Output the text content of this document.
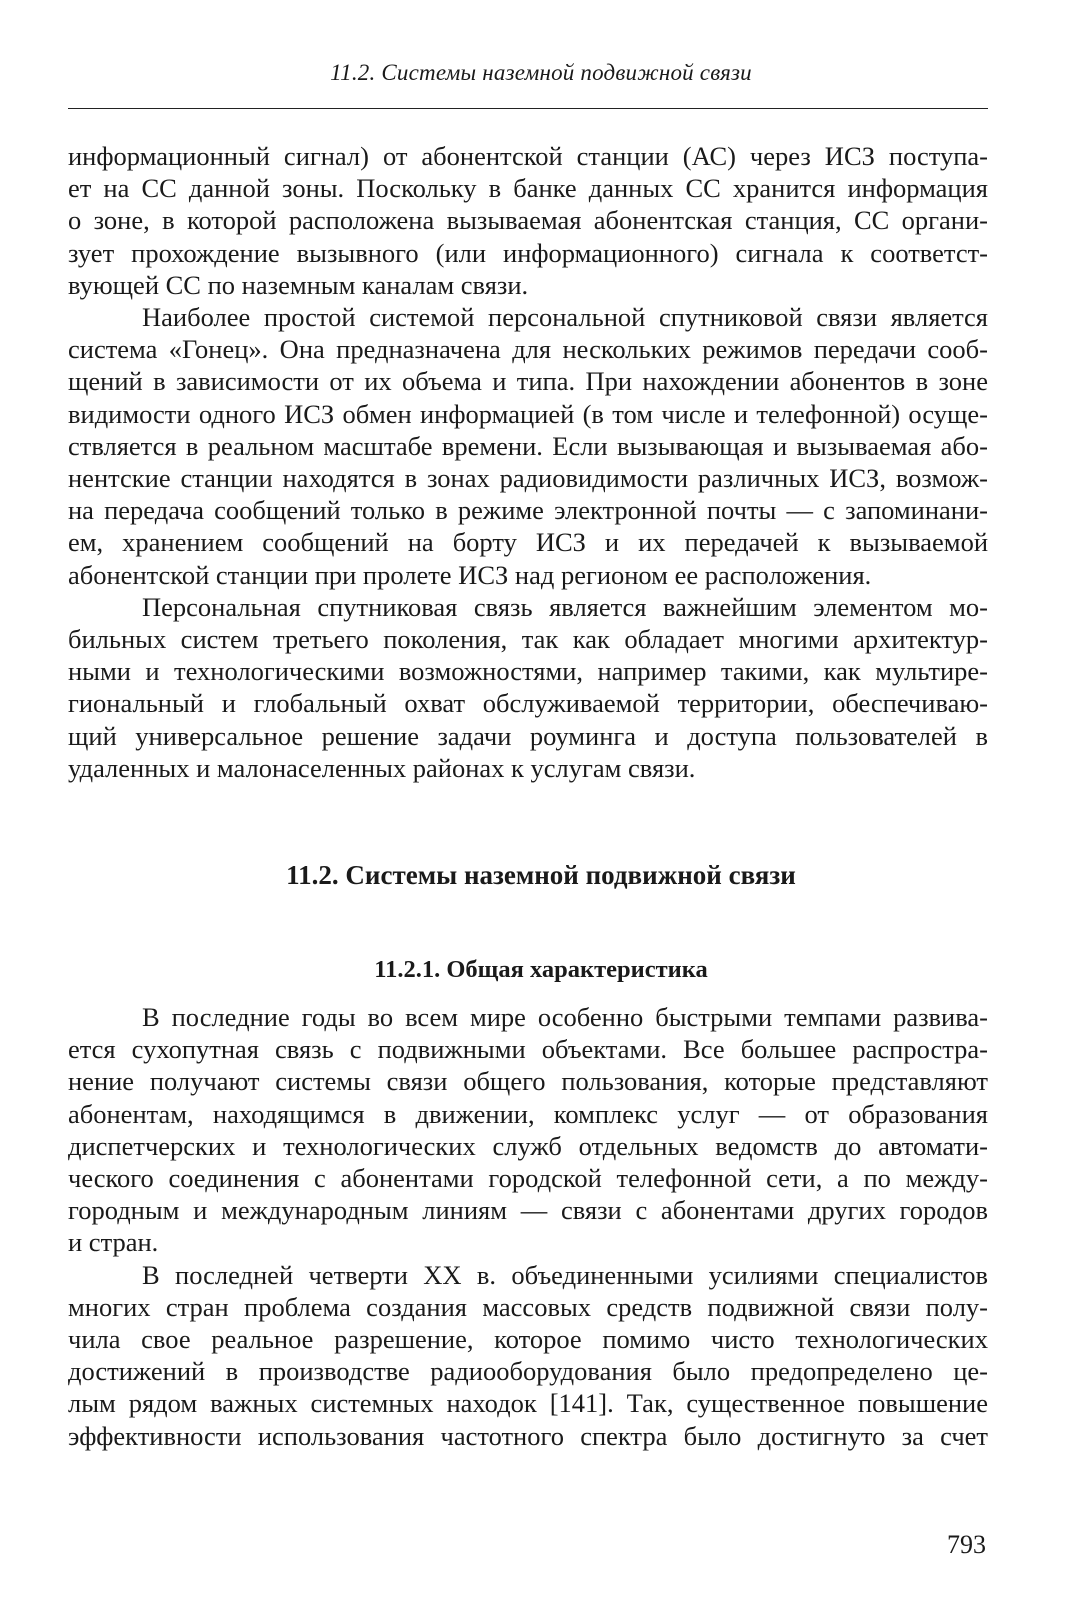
11.2. Системы наземной подвижной связи
информационный сигнал) от абонентской станции (АС) через ИСЗ поступа-
ет на СС данной зоны. Поскольку в банке данных СС хранится информация
о зоне, в которой расположена вызываемая абонентская станция, СС органи-
зует прохождение вызывного (или информационного) сигнала к соответст-
вующей СС по наземным каналам связи.
Наиболее простой системой персональной спутниковой связи является
система «Гонец». Она предназначена для нескольких режимов передачи сооб-
щений в зависимости от их объема и типа. При нахождении абонентов в зоне
видимости одного ИСЗ обмен информацией (в том числе и телефонной) осуще-
ствляется в реальном масштабе времени. Если вызывающая и вызываемая або-
нентские станции находятся в зонах радиовидимости различных ИСЗ, возмож-
на передача сообщений только в режиме электронной почты — с запоминани-
ем, хранением сообщений на борту ИСЗ и их передачей к вызываемой
абонентской станции при пролете ИСЗ над регионом ее расположения.
Персональная спутниковая связь является важнейшим элементом мо-
бильных систем третьего поколения, так как обладает многими архитектур-
ными и технологическими возможностями, например такими, как мультире-
гиональный и глобальный охват обслуживаемой территории, обеспечиваю-
щий универсальное решение задачи роуминга и доступа пользователей в
удаленных и малонаселенных районах к услугам связи.
11.2. Системы наземной подвижной связи
11.2.1. Общая характеристика
В последние годы во всем мире особенно быстрыми темпами развива-
ется сухопутная связь с подвижными объектами. Все большее распростра-
нение получают системы связи общего пользования, которые представляют
абонентам, находящимся в движении, комплекс услуг — от образования
диспетчерских и технологических служб отдельных ведомств до автомати-
ческого соединения с абонентами городской телефонной сети, а по между-
городным и международным линиям — связи с абонентами других городов
и стран.
В последней четверти XX в. объединенными усилиями специалистов
многих стран проблема создания массовых средств подвижной связи полу-
чила свое реальное разрешение, которое помимо чисто технологических
достижений в производстве радиооборудования было предопределено це-
лым рядом важных системных находок [141]. Так, существенное повышение
эффективности использования частотного спектра было достигнуто за счет
793
